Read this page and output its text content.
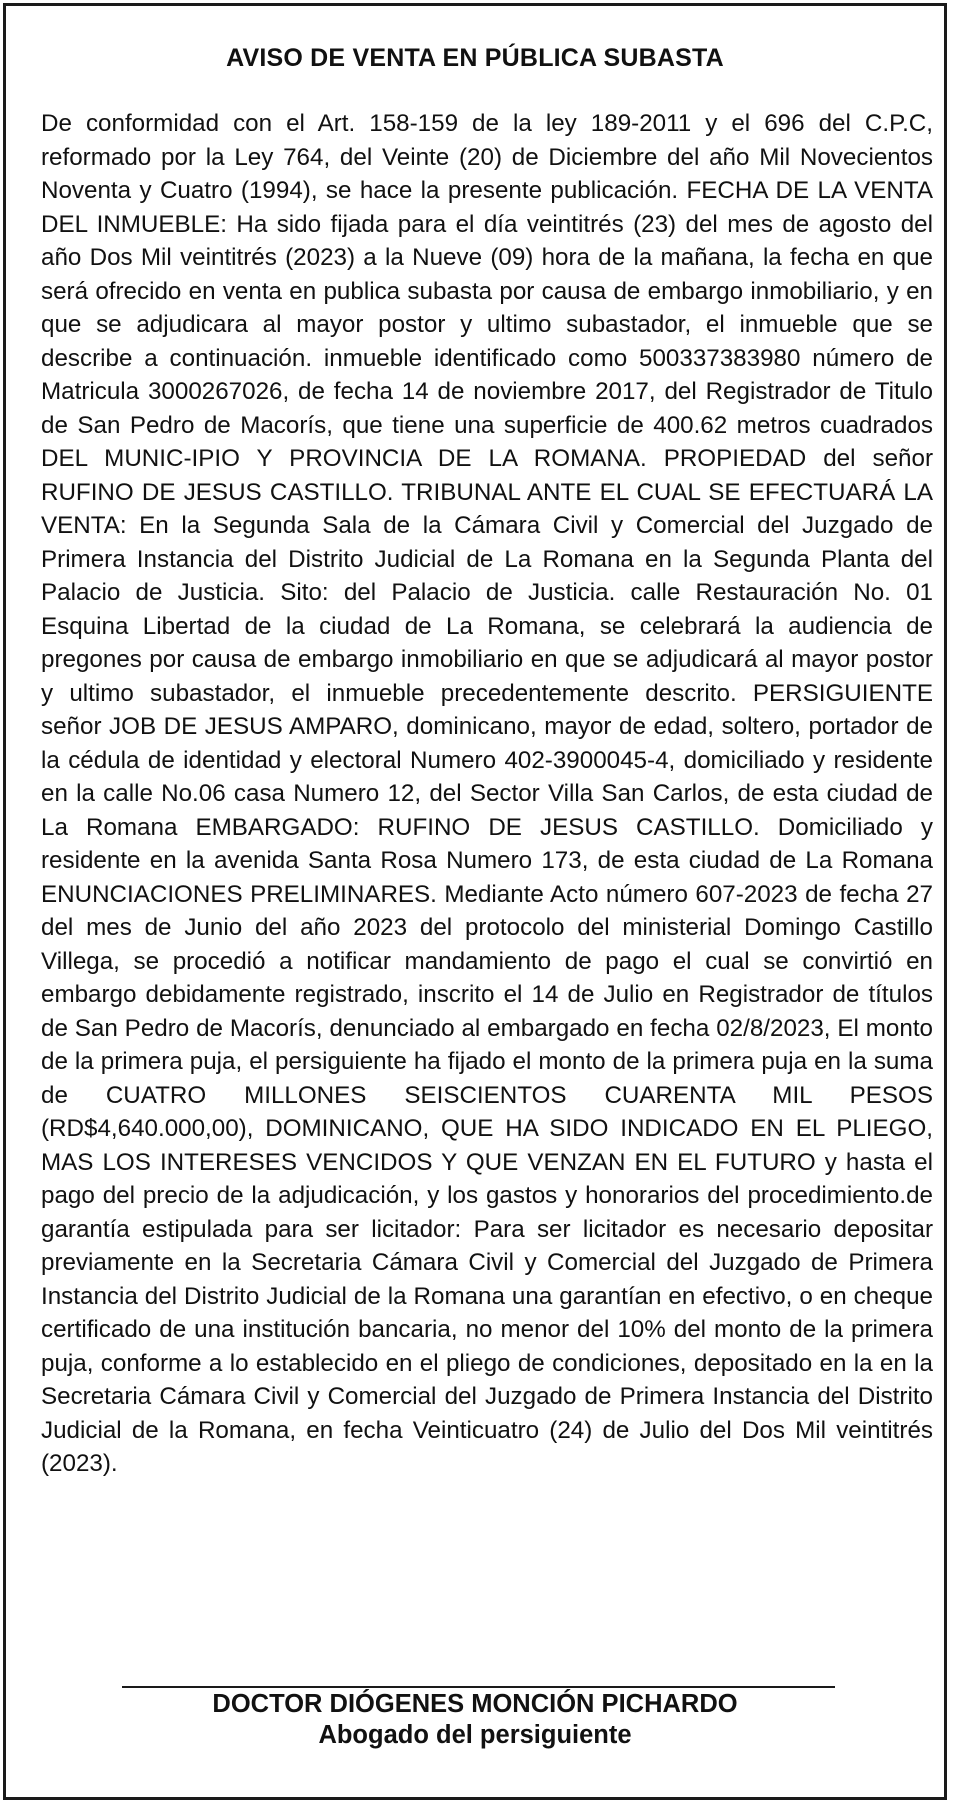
AVISO DE VENTA EN PÚBLICA SUBASTA

De conformidad con el Art. 158-159 de la ley 189-2011 y el 696 del C.P.C, reformado por la Ley 764, del Veinte (20) de Diciembre del año Mil Novecientos Noventa y Cuatro (1994), se hace la presente publicación. FECHA DE LA VENTA DEL INMUEBLE: Ha sido fijada para el día veintitrés (23) del mes de agosto del año Dos Mil veintitrés (2023) a la Nueve (09) hora de la mañana, la fecha en que será ofrecido en venta en publica subasta por causa de embargo inmobiliario, y en que se adjudicara al mayor postor y ultimo subastador, el inmueble que se describe a continuación. inmueble identificado como 500337383980 número de Matricula 3000267026, de fecha 14 de noviembre 2017, del Registrador de Titulo de San Pedro de Macorís, que tiene una superficie de 400.62 metros cuadrados DEL MUNIC-IPIO Y PROVINCIA DE LA ROMANA. PROPIEDAD del señor RUFINO DE JESUS CASTILLO. TRIBUNAL ANTE EL CUAL SE EFECTUARÁ LA VENTA: En la Segunda Sala de la Cámara Civil y Comercial del Juzgado de Primera Instancia del Distrito Judicial de La Romana en la Segunda Planta del Palacio de Justicia. Sito: del Palacio de Justicia. calle Restauración No. 01 Esquina Libertad de la ciudad de La Romana, se celebrará la audiencia de pregones por causa de embargo inmobiliario en que se adjudicará al mayor postor y ultimo subastador, el inmueble precedentemente descrito. PERSIGUIENTE señor JOB DE JESUS AMPARO, dominicano, mayor de edad, soltero, portador de la cédula de identidad y electoral Numero 402-3900045-4, domiciliado y residente en la calle No.06 casa Numero 12, del Sector Villa San Carlos, de esta ciudad de La Romana EMBARGADO: RUFINO DE JESUS CASTILLO. Domiciliado y residente en la avenida Santa Rosa Numero 173, de esta ciudad de La Romana ENUNCIACIONES PRELIMINARES. Mediante Acto número 607-2023 de fecha 27 del mes de Junio del año 2023 del protocolo del ministerial Domingo Castillo Villega, se procedió a notificar mandamiento de pago el cual se convirtió en embargo debidamente registrado, inscrito el 14 de Julio en Registrador de títulos de San Pedro de Macorís, denunciado al embargado en fecha 02/8/2023, El monto de la primera puja, el persiguiente ha fijado el monto de la primera puja en la suma de CUATRO MILLONES SEISCIENTOS CUARENTA MIL PESOS (RD$4,640.000,00), DOMINICANO, QUE HA SIDO INDICADO EN EL PLIEGO, MAS LOS INTERESES VENCIDOS Y QUE VENZAN EN EL FUTURO y hasta el pago del precio de la adjudicación, y los gastos y honorarios del procedimiento.de garantía estipulada para ser licitador: Para ser licitador es necesario depositar previamente en la Secretaria Cámara Civil y Comercial del Juzgado de Primera Instancia del Distrito Judicial de la Romana una garantían en efectivo, o en cheque certificado de una institución bancaria, no menor del 10% del monto de la primera puja, conforme a lo establecido en el pliego de condiciones, depositado en la en la Secretaria Cámara Civil y Comercial del Juzgado de Primera Instancia del Distrito Judicial de la Romana, en fecha Veinticuatro (24) de Julio del Dos Mil veintitrés (2023).

DOCTOR DIÓGENES MONCIÓN PICHARDO

Abogado del persiguiente
